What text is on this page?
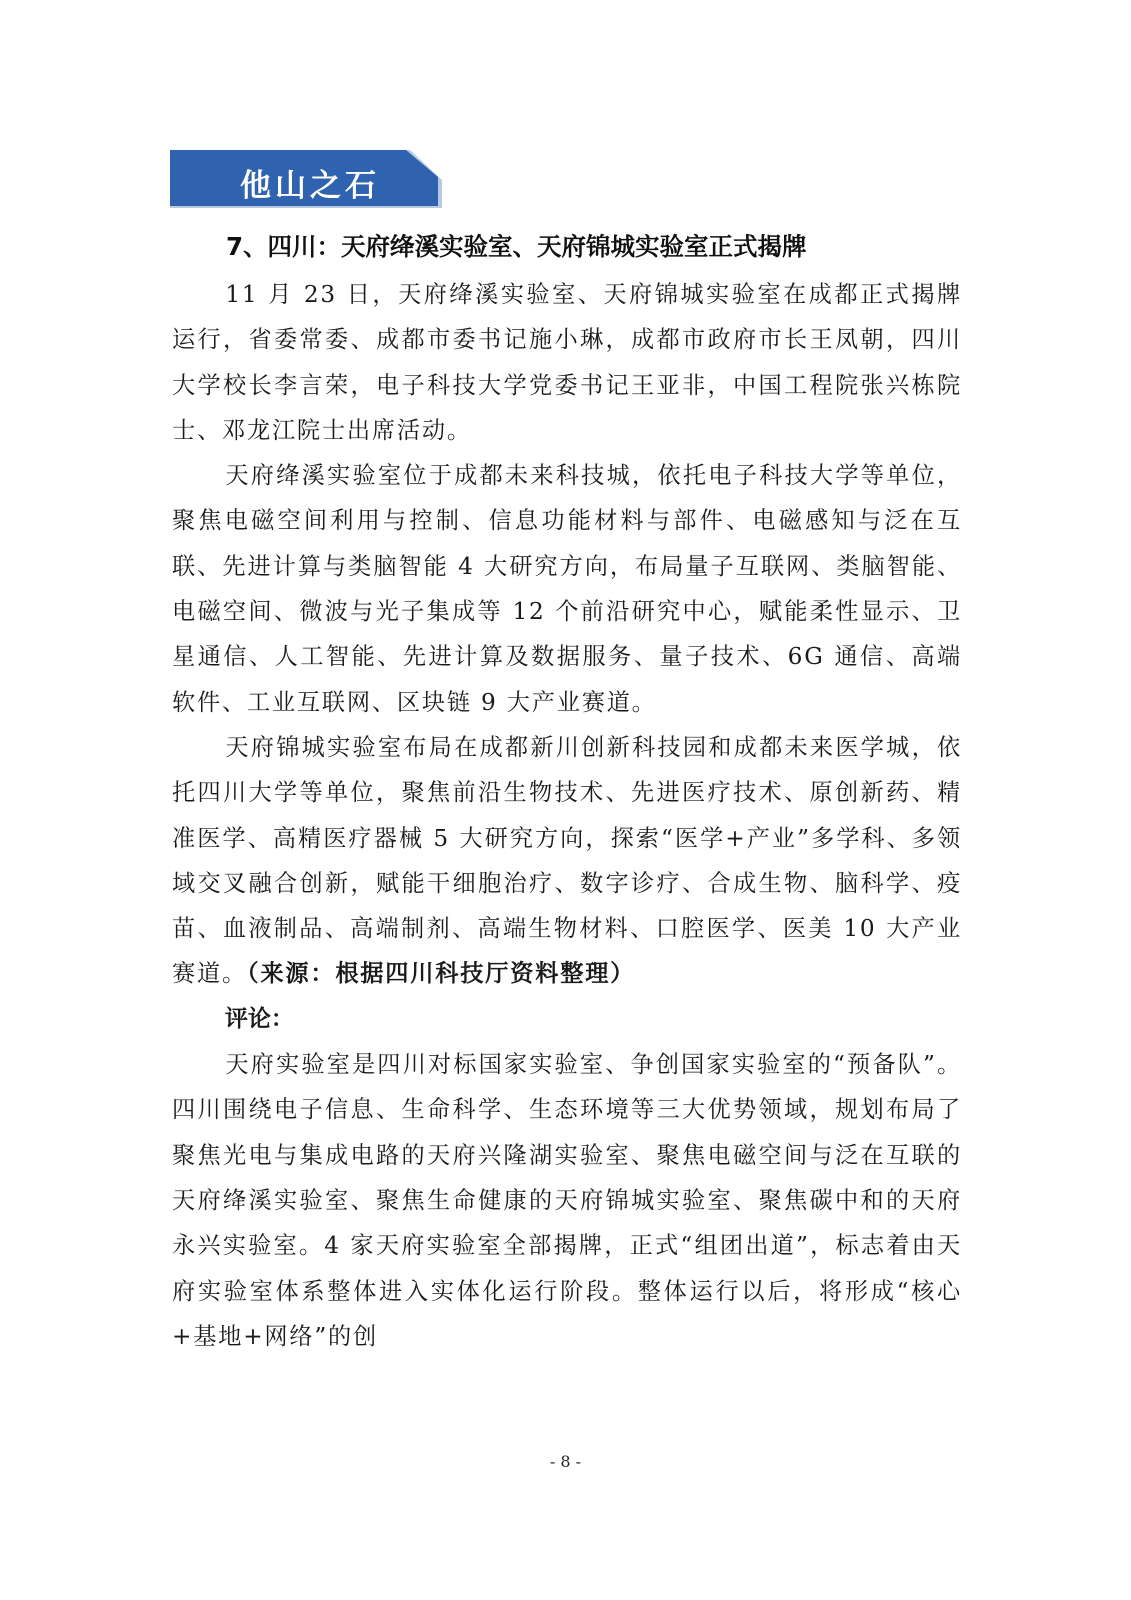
他山之石
7、四川：天府绛溪实验室、天府锦城实验室正式揭牌

11 月 23 日，天府绛溪实验室、天府锦城实验室在成都正式揭牌运行，省委常委、成都市委书记施小琳，成都市政府市长王凤朝，四川大学校长李言荣，电子科技大学党委书记王亚非，中国工程院张兴栋院士、邓龙江院士出席活动。

天府绛溪实验室位于成都未来科技城，依托电子科技大学等单位，聚焦电磁空间利用与控制、信息功能材料与部件、电磁感知与泛在互联、先进计算与类脑智能 4 大研究方向，布局量子互联网、类脑智能、电磁空间、微波与光子集成等 12 个前沿研究中心，赋能柔性显示、卫星通信、人工智能、先进计算及数据服务、量子技术、6G 通信、高端软件、工业互联网、区块链 9 大产业赛道。

天府锦城实验室布局在成都新川创新科技园和成都未来医学城，依托四川大学等单位，聚焦前沿生物技术、先进医疗技术、原创新药、精准医学、高精医疗器械 5 大研究方向，探索“医学+产业”多学科、多领域交叉融合创新，赋能干细胞治疗、数字诊疗、合成生物、脑科学、疫苗、血液制品、高端制剂、高端生物材料、口腔医学、医美 10 大产业赛道。（来源：根据四川科技厅资料整理）

评论：

天府实验室是四川对标国家实验室、争创国家实验室的“预备队”。四川围绕电子信息、生命科学、生态环境等三大优势领域，规划布局了聚焦光电与集成电路的天府兴隆湖实验室、聚焦电磁空间与泛在互联的天府绛溪实验室、聚焦生命健康的天府锦城实验室、聚焦碳中和的天府永兴实验室。4 家天府实验室全部揭牌，正式“组团出道”，标志着由天府实验室体系整体进入实体化运行阶段。整体运行以后，将形成“核心+基地+网络”的创

- 8 -
